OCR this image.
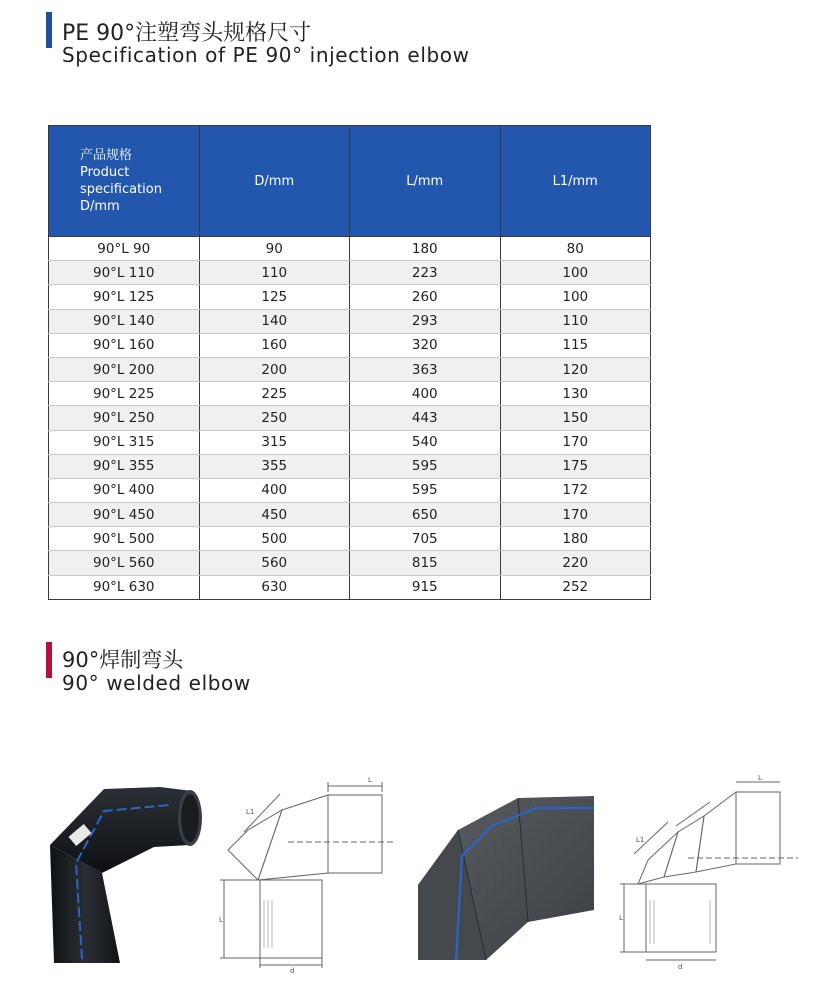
PE 90°注塑弯头规格尺寸
Specification of PE 90° injection elbow
产品规格
Product
specification
D/mm	D/mm	L/mm	L1/mm
90°L 90	90	180	80
90°L 110	110	223	100
90°L 125	125	260	100
90°L 140	140	293	110
90°L 160	160	320	115
90°L 200	200	363	120
90°L 225	225	400	130
90°L 250	250	443	150
90°L 315	315	540	170
90°L 355	355	595	175
90°L 400	400	595	172
90°L 450	450	650	170
90°L 500	500	705	180
90°L 560	560	815	220
90°L 630	630	915	252
90°焊制弯头
90° welded elbow
L
L1
L
d
L
L1
L
d
